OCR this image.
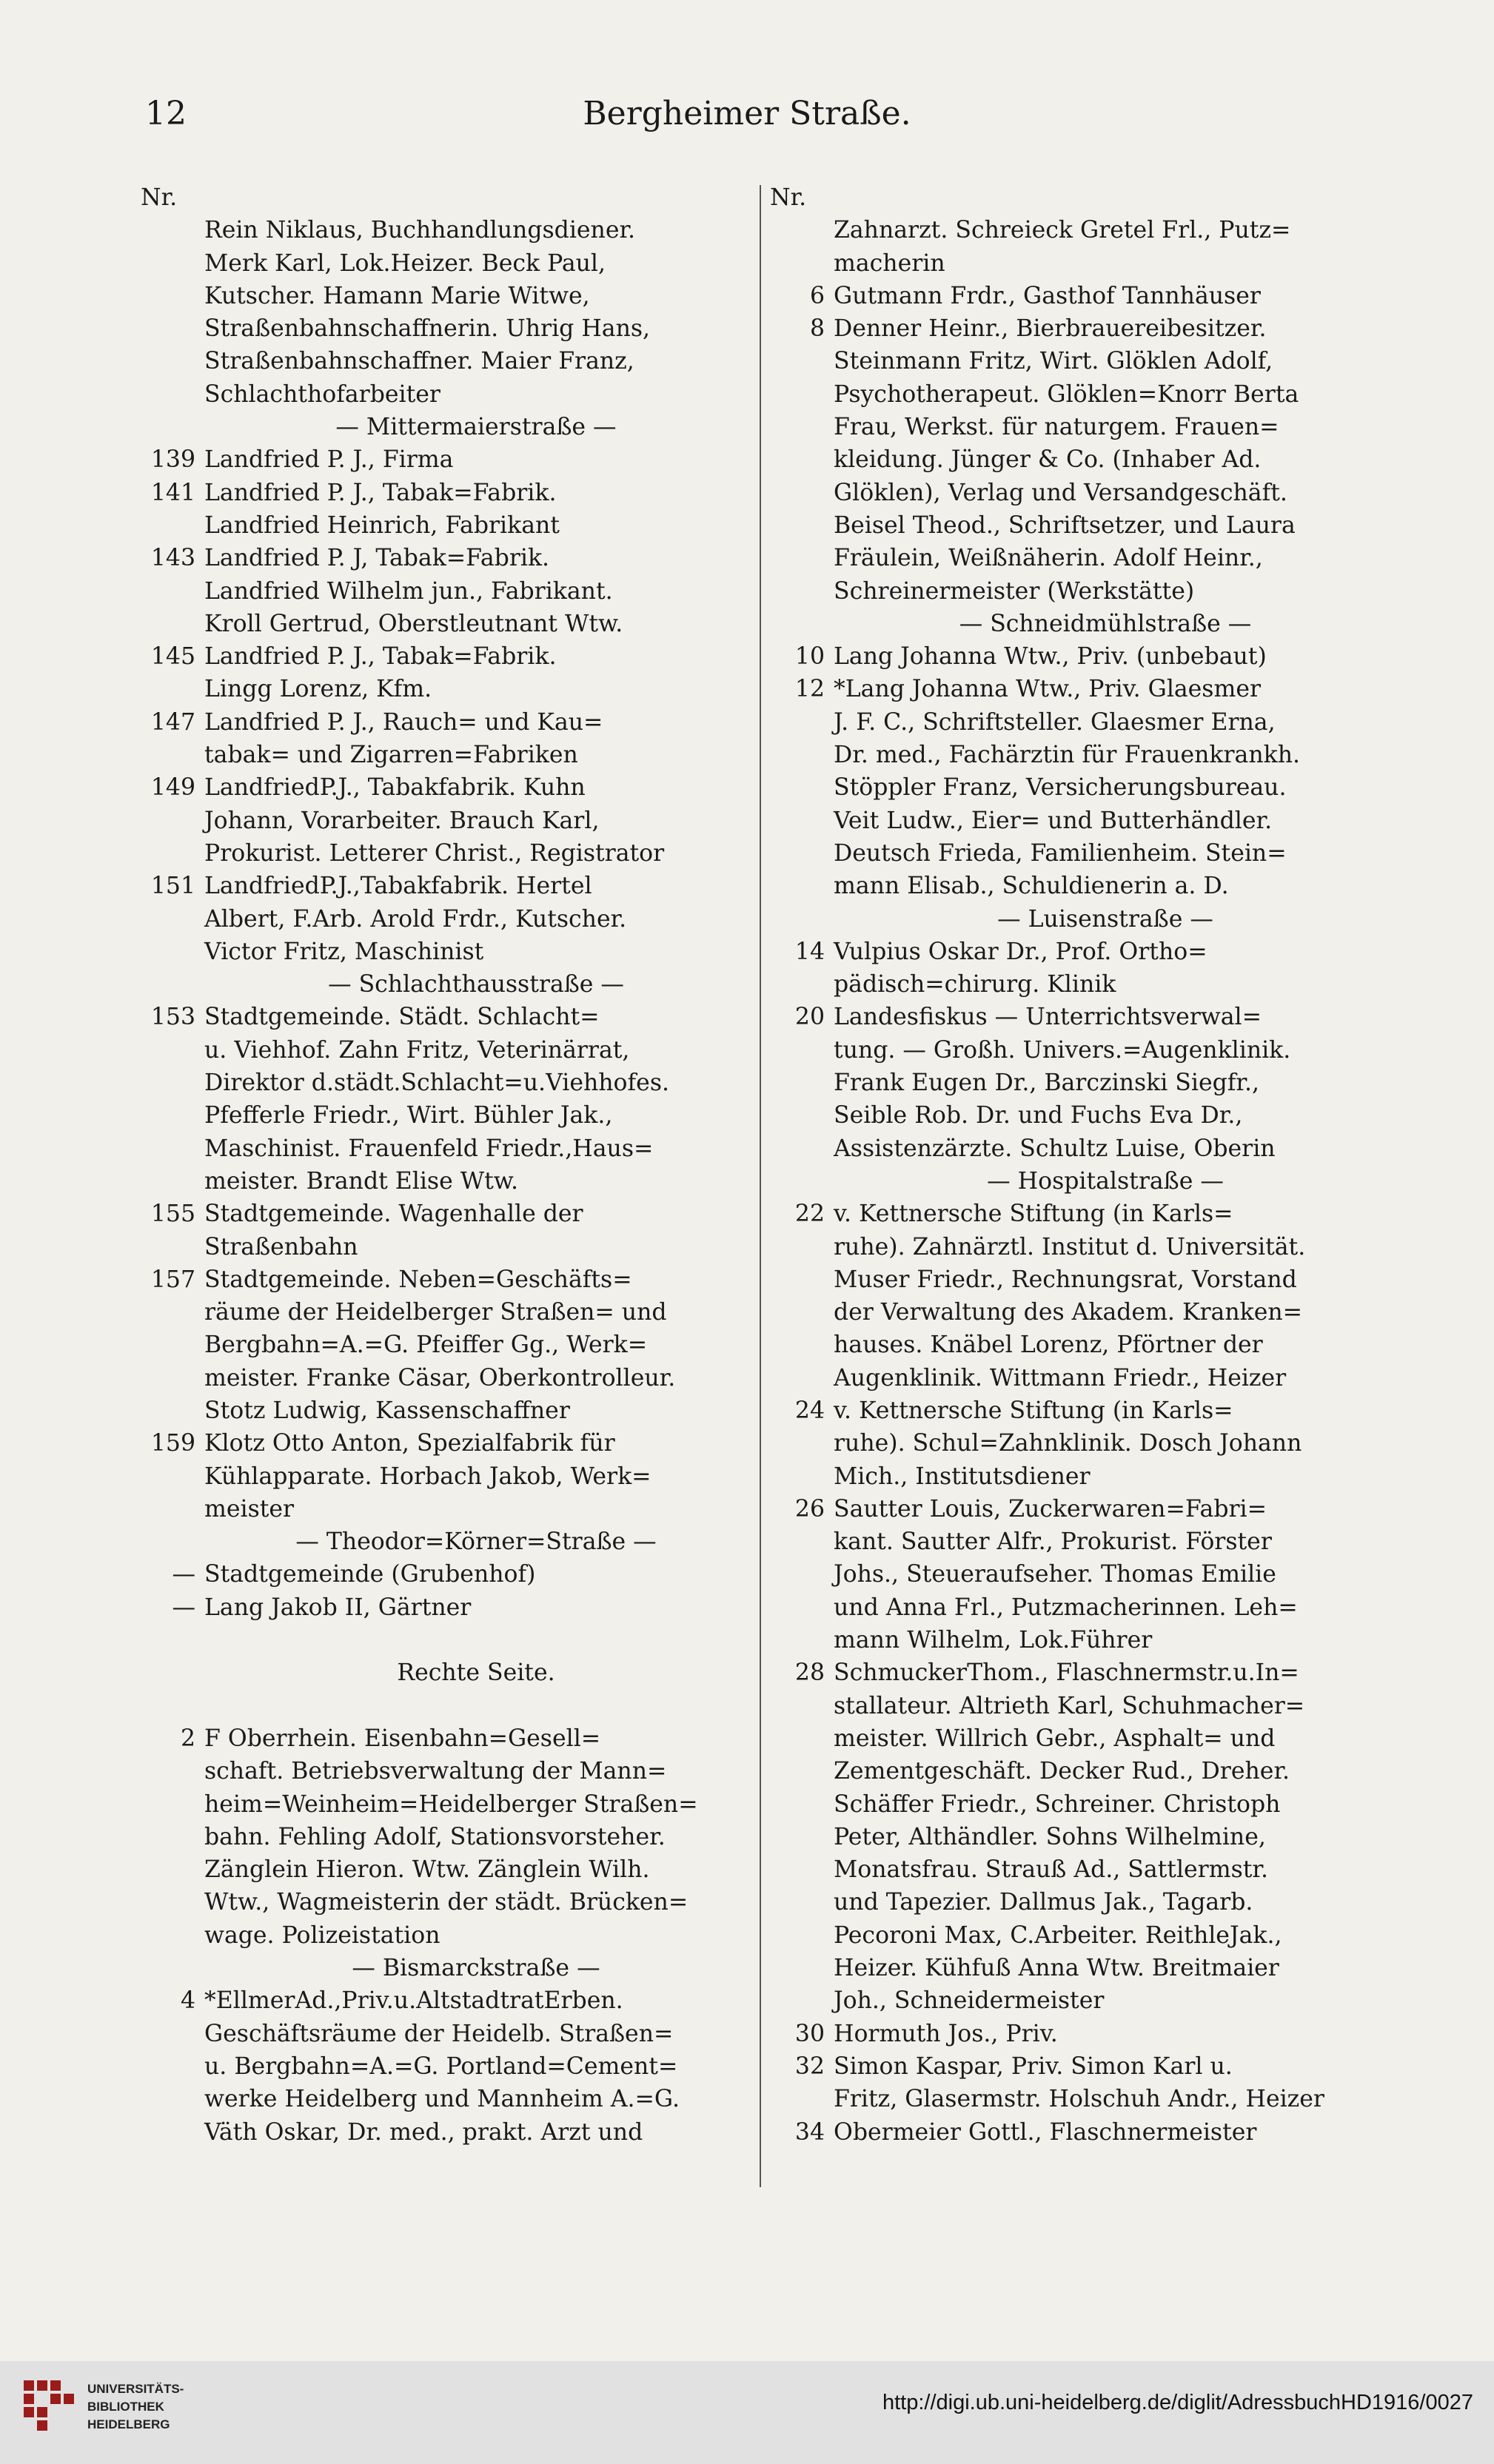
Bergheimer Straße.
12
Nr.
Rein Niklaus, Buchhandlungsdiener.
Merk Karl, Lok.Heizer. Beck Paul,
Kutscher. Hamann Marie Witwe,
Straßenbahnschaffnerin. Uhrig Hans,
Straßenbahnschaffner. Maier Franz,
Schlachthofarbeiter
— Mittermaierstraße —
139 Landfried P. J., Firma
141 Landfried P. J., Tabak=Fabrik.
Landfried Heinrich, Fabrikant
143 Landfried P. J, Tabak=Fabrik.
Landfried Wilhelm jun., Fabrikant.
Kroll Gertrud, Oberstleutnant Wtw.
145 Landfried P. J., Tabak=Fabrik.
Lingg Lorenz, Kfm.
147 Landfried P. J., Rauch= und Kau=
tabak= und Zigarren=Fabriken
149 LandfriedP.J., Tabakfabrik. Kuhn
Johann, Vorarbeiter. Brauch Karl,
Prokurist. Letterer Christ., Registrator
151 LandfriedP.J.,Tabakfabrik. Hertel
Albert, F.Arb. Arold Frdr., Kutscher.
Victor Fritz, Maschinist
— Schlachthausstraße —
153 Stadtgemeinde. Städt. Schlacht=
u. Viehhof. Zahn Fritz, Veterinärrat,
Direktor d.städt.Schlacht=u.Viehhofes.
Pfefferle Friedr., Wirt. Bühler Jak.,
Maschinist. Frauenfeld Friedr.,Haus=
meister. Brandt Elise Wtw.
155 Stadtgemeinde. Wagenhalle der
Straßenbahn
157 Stadtgemeinde. Neben=Geschäfts=
räume der Heidelberger Straßen= und
Bergbahn=A.=G. Pfeiffer Gg., Werk=
meister. Franke Cäsar, Oberkontrolleur.
Stotz Ludwig, Kassenschaffner
159 Klotz Otto Anton, Spezialfabrik für
Kühlapparate. Horbach Jakob, Werk=
meister
— Theodor=Körner=Straße —
— Stadtgemeinde (Grubenhof)
— Lang Jakob II, Gärtner
Rechte Seite.
2 F Oberrhein. Eisenbahn=Gesell=
schaft. Betriebsverwaltung der Mann=
heim=Weinheim=Heidelberger Straßen=
bahn. Fehling Adolf, Stationsvorsteher.
Zänglein Hieron. Wtw. Zänglein Wilh.
Wtw., Wagmeisterin der städt. Brücken=
wage. Polizeistation
— Bismarckstraße —
4 *EllmerAd.,Priv.u.AltstadtratErben.
Geschäftsräume der Heidelb. Straßen=
u. Bergbahn=A.=G. Portland=Cement=
werke Heidelberg und Mannheim A.=G.
Väth Oskar, Dr. med., prakt. Arzt und
Nr.
Zahnarzt. Schreieck Gretel Frl., Putz=
macherin
6 Gutmann Frdr., Gasthof Tannhäuser
8 Denner Heinr., Bierbrauereibesitzer.
Steinmann Fritz, Wirt. Glöklen Adolf,
Psychotherapeut. Glöklen=Knorr Berta
Frau, Werkst. für naturgem. Frauen=
kleidung. Jünger & Co. (Inhaber Ad.
Glöklen), Verlag und Versandgeschäft.
Beisel Theod., Schriftsetzer, und Laura
Fräulein, Weißnäherin. Adolf Heinr.,
Schreinermeister (Werkstätte)
— Schneidmühlstraße —
10 Lang Johanna Wtw., Priv. (unbebaut)
12 *Lang Johanna Wtw., Priv. Glaesmer
J. F. C., Schriftsteller. Glaesmer Erna,
Dr. med., Fachärztin für Frauenkrankh.
Stöppler Franz, Versicherungsbureau.
Veit Ludw., Eier= und Butterhändler.
Deutsch Frieda, Familienheim. Stein=
mann Elisab., Schuldienerin a. D.
— Luisenstraße —
14 Vulpius Oskar Dr., Prof. Ortho=
pädisch=chirurg. Klinik
20 Landesfiskus — Unterrichtsverwal=
tung. — Großh. Univers.=Augenklinik.
Frank Eugen Dr., Barczinski Siegfr.,
Seible Rob. Dr. und Fuchs Eva Dr.,
Assistenzärzte. Schultz Luise, Oberin
— Hospitalstraße —
22 v. Kettnersche Stiftung (in Karls=
ruhe). Zahnärztl. Institut d. Universität.
Muser Friedr., Rechnungsrat, Vorstand
der Verwaltung des Akadem. Kranken=
hauses. Knäbel Lorenz, Pförtner der
Augenklinik. Wittmann Friedr., Heizer
24 v. Kettnersche Stiftung (in Karls=
ruhe). Schul=Zahnklinik. Dosch Johann
Mich., Institutsdiener
26 Sautter Louis, Zuckerwaren=Fabri=
kant. Sautter Alfr., Prokurist. Förster
Johs., Steueraufseher. Thomas Emilie
und Anna Frl., Putzmacherinnen. Leh=
mann Wilhelm, Lok.Führer
28 SchmuckerThom., Flaschnermstr.u.In=
stallateur. Altrieth Karl, Schuhmacher=
meister. Willrich Gebr., Asphalt= und
Zementgeschäft. Decker Rud., Dreher.
Schäffer Friedr., Schreiner. Christoph
Peter, Althändler. Sohns Wilhelmine,
Monatsfrau. Strauß Ad., Sattlermstr.
und Tapezier. Dallmus Jak., Tagarb.
Pecoroni Max, C.Arbeiter. ReithleJak.,
Heizer. Kühfuß Anna Wtw. Breitmaier
Joh., Schneidermeister
30 Hormuth Jos., Priv.
32 Simon Kaspar, Priv. Simon Karl u.
Fritz, Glasermstr. Holschuh Andr., Heizer
34 Obermeier Gottl., Flaschnermeister
UNIVERSITÄTS-
BIBLIOTHEK
HEIDELBERG
http://digi.ub.uni-heidelberg.de/diglit/AdressbuchHD1916/0027
